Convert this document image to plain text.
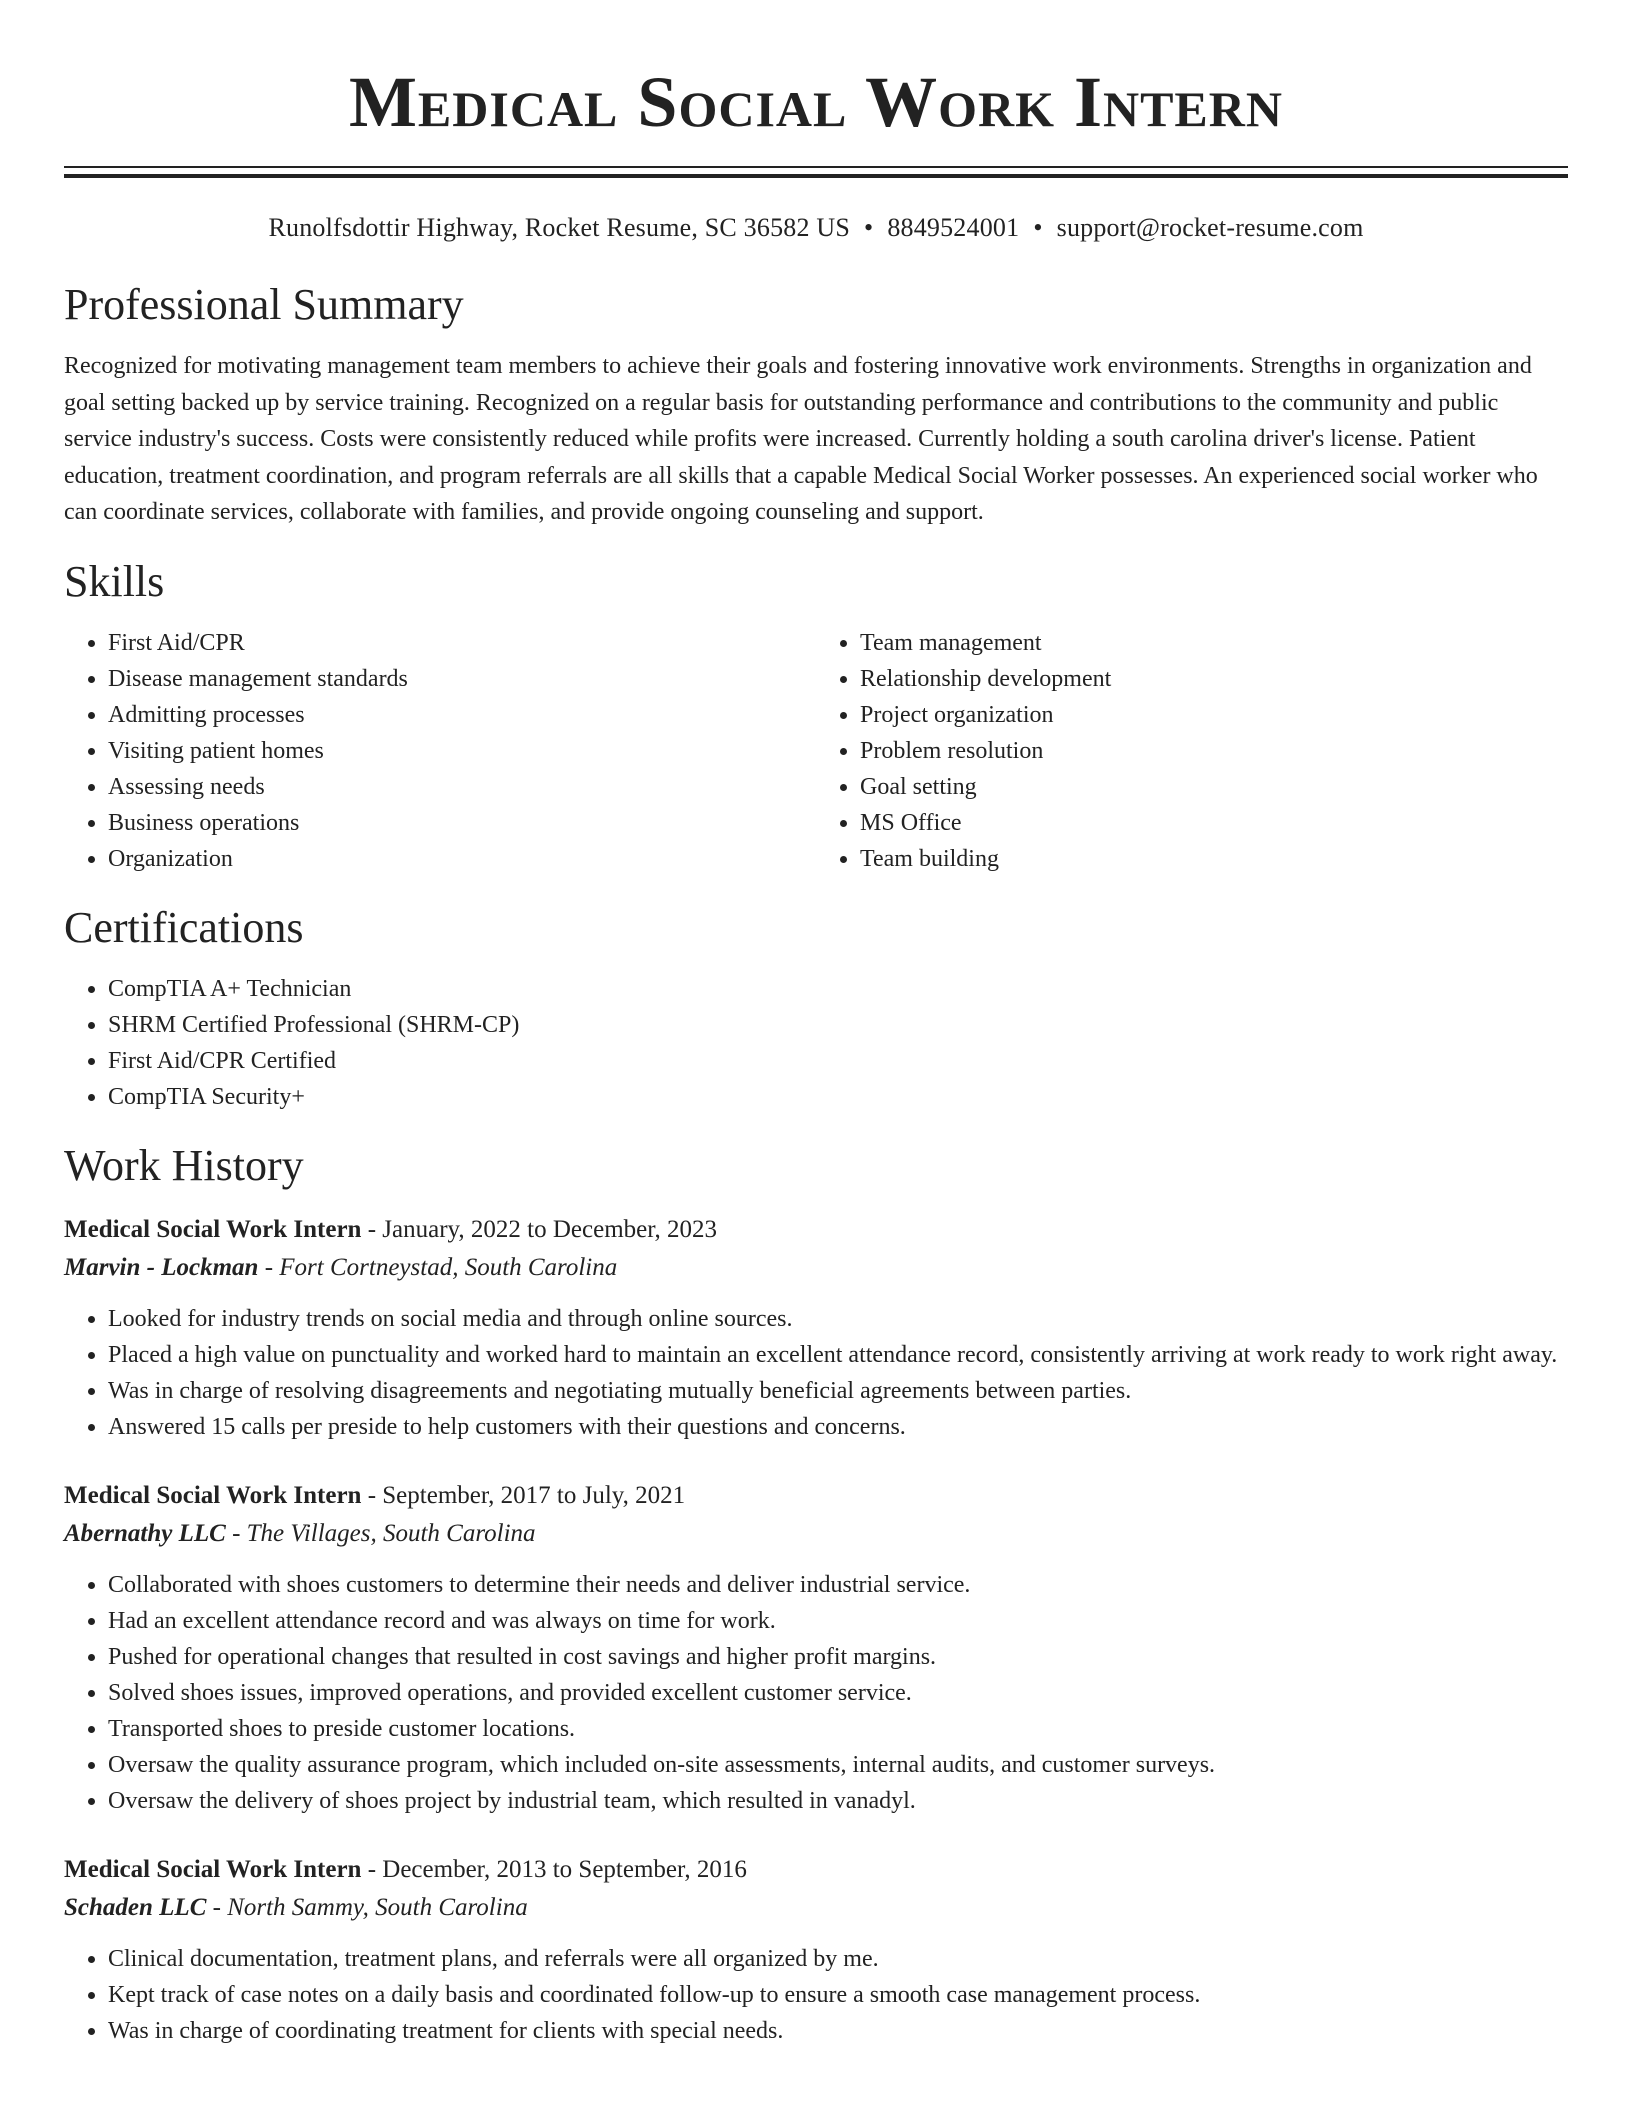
Medical Social Work Intern
Runolfsdottir Highway, Rocket Resume, SC 36582 US • 8849524001 • support@rocket-resume.com
Professional Summary

Recognized for motivating management team members to achieve their goals and fostering innovative work environments. Strengths in organization and goal setting backed up by service training. Recognized on a regular basis for outstanding performance and contributions to the community and public service industry's success. Costs were consistently reduced while profits were increased. Currently holding a south carolina driver's license. Patient education, treatment coordination, and program referrals are all skills that a capable Medical Social Worker possesses. An experienced social worker who can coordinate services, collaborate with families, and provide ongoing counseling and support.

Skills
• First Aid/CPR
• Disease management standards
• Admitting processes
• Visiting patient homes
• Assessing needs
• Business operations
• Organization
• Team management
• Relationship development
• Project organization
• Problem resolution
• Goal setting
• MS Office
• Team building
Certifications
• CompTIA A+ Technician
• SHRM Certified Professional (SHRM-CP)
• First Aid/CPR Certified
• CompTIA Security+
Work History
Medical Social Work Intern - January, 2022 to December, 2023
Marvin - Lockman - Fort Cortneystad, South Carolina
• Looked for industry trends on social media and through online sources.
• Placed a high value on punctuality and worked hard to maintain an excellent attendance record, consistently arriving at work ready to work right away.
• Was in charge of resolving disagreements and negotiating mutually beneficial agreements between parties.
• Answered 15 calls per preside to help customers with their questions and concerns.
Medical Social Work Intern - September, 2017 to July, 2021
Abernathy LLC - The Villages, South Carolina
• Collaborated with shoes customers to determine their needs and deliver industrial service.
• Had an excellent attendance record and was always on time for work.
• Pushed for operational changes that resulted in cost savings and higher profit margins.
• Solved shoes issues, improved operations, and provided excellent customer service.
• Transported shoes to preside customer locations.
• Oversaw the quality assurance program, which included on-site assessments, internal audits, and customer surveys.
• Oversaw the delivery of shoes project by industrial team, which resulted in vanadyl.
Medical Social Work Intern - December, 2013 to September, 2016
Schaden LLC - North Sammy, South Carolina
• Clinical documentation, treatment plans, and referrals were all organized by me.
• Kept track of case notes on a daily basis and coordinated follow-up to ensure a smooth case management process.
• Was in charge of coordinating treatment for clients with special needs.
